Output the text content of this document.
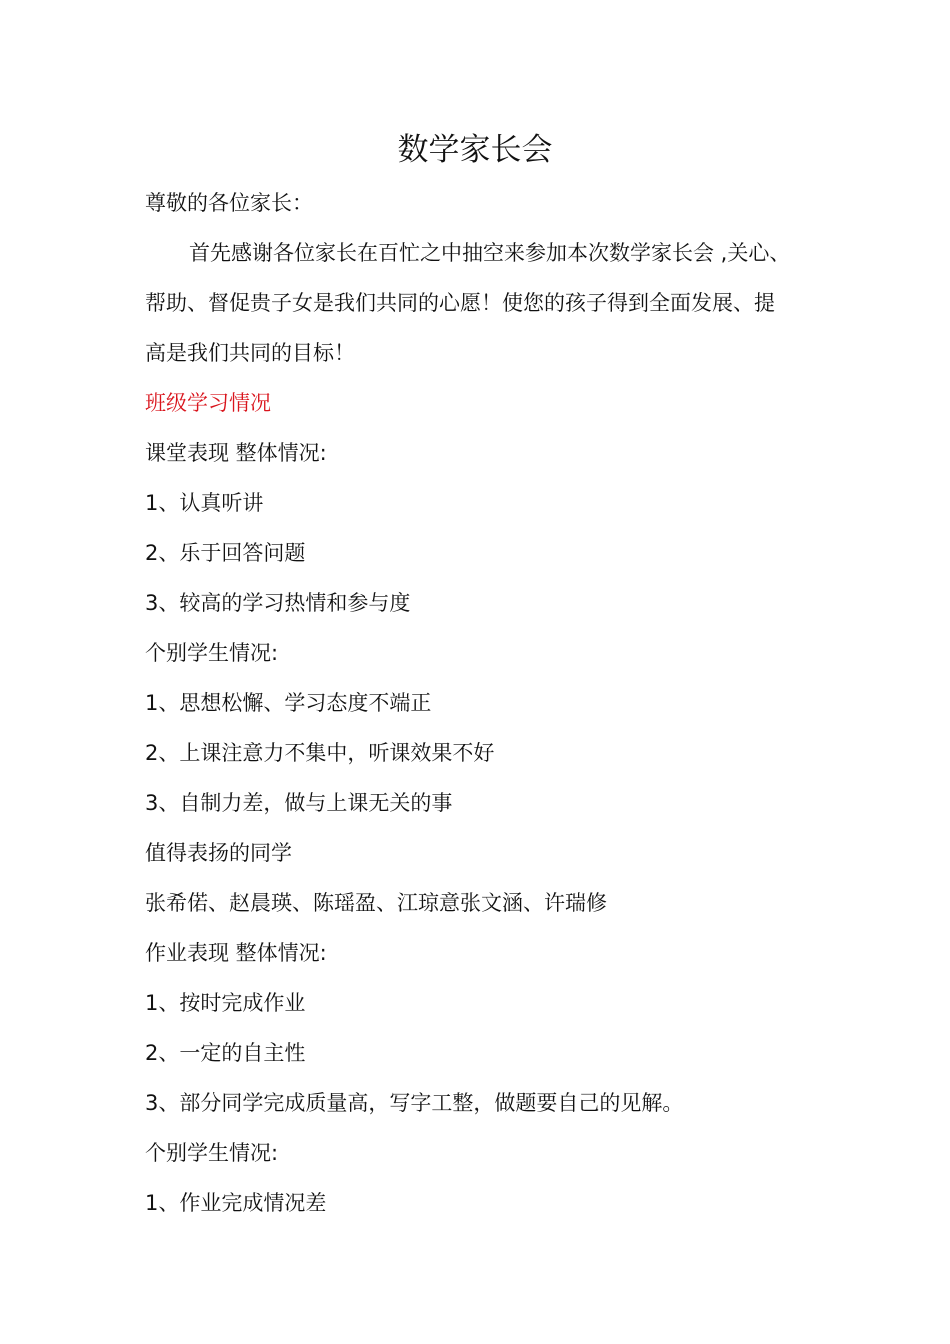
数学家长会
尊敬的各位家长：
首先感谢各位家长在百忙之中抽空来参加本次数学家长会 ,关心、
帮助、督促贵子女是我们共同的心愿！使您的孩子得到全面发展、提
高是我们共同的目标！
班级学习情况
课堂表现 整体情况:
1、认真听讲
2、乐于回答问题
3、较高的学习热情和参与度
个别学生情况:
1、思想松懈、学习态度不端正
2、上课注意力不集中，听课效果不好
3、自制力差，做与上课无关的事
值得表扬的同学
张希偌、赵晨瑛、陈瑶盈、江琼意张文涵、许瑞修
作业表现 整体情况:
1、按时完成作业
2、一定的自主性
3、部分同学完成质量高，写字工整，做题要自己的见解。
个别学生情况:
1、作业完成情况差
